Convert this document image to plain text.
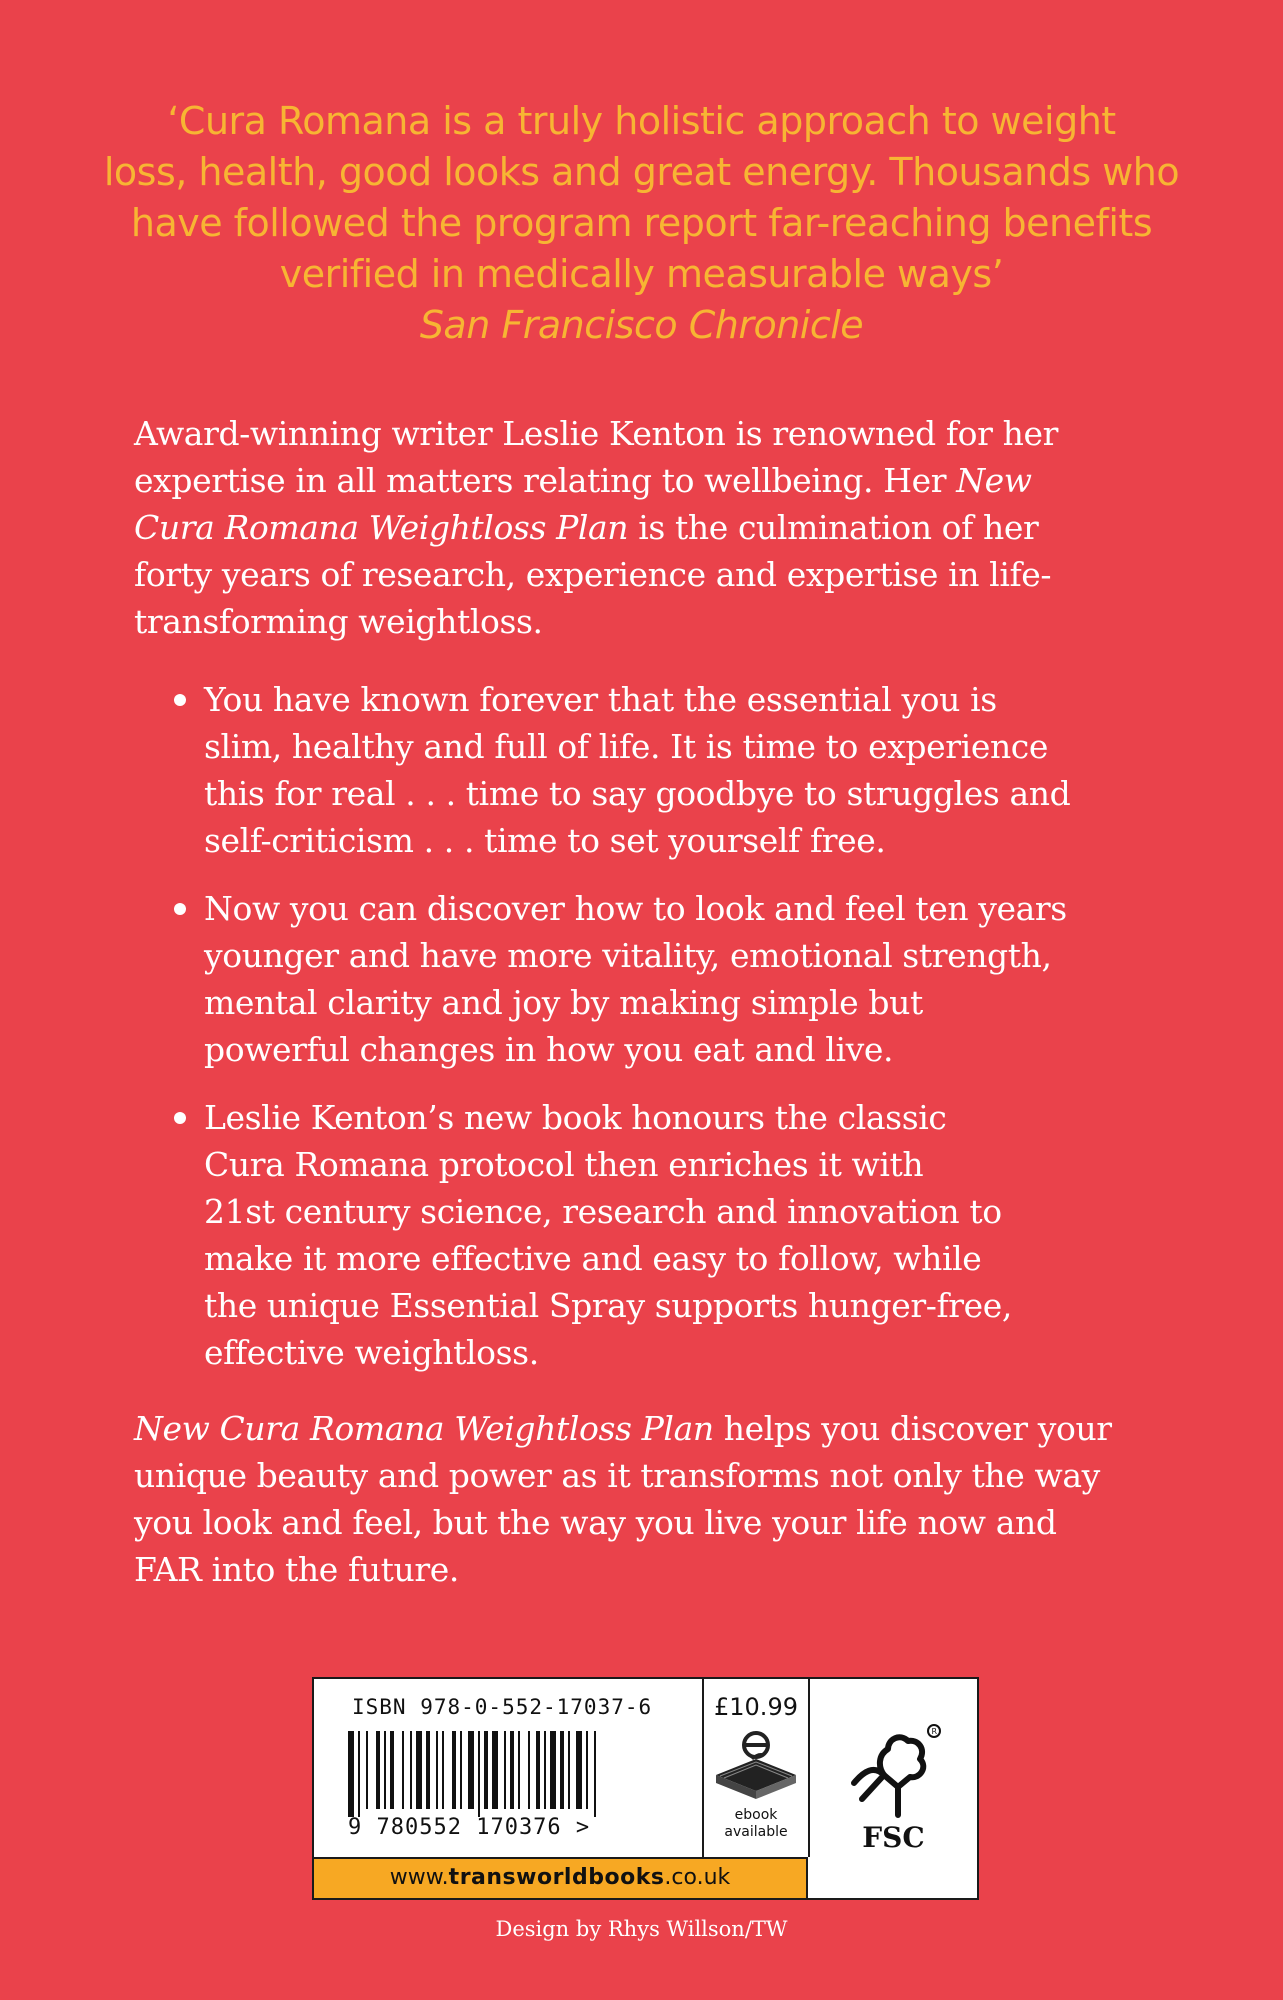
‘Cura Romana is a truly holistic approach to weight
loss, health, good looks and great energy. Thousands who
have followed the program report far-reaching benefits
verified in medically measurable ways’
San Francisco Chronicle
Award-winning writer Leslie Kenton is renowned for her
expertise in all matters relating to wellbeing. Her New
Cura Romana Weightloss Plan is the culmination of her
forty years of research, experience and expertise in life-
transforming weightloss.
You have known forever that the essential you is
slim, healthy and full of life. It is time to experience
this for real . . . time to say goodbye to struggles and
self-criticism . . . time to set yourself free.
Now you can discover how to look and feel ten years
younger and have more vitality, emotional strength,
mental clarity and joy by making simple but
powerful changes in how you eat and live.
Leslie Kenton’s new book honours the classic
Cura Romana protocol then enriches it with
21st century science, research and innovation to
make it more effective and easy to follow, while
the unique Essential Spray supports hunger-free,
effective weightloss.
New Cura Romana Weightloss Plan helps you discover your
unique beauty and power as it transforms not only the way
you look and feel, but the way you live your life now and
FAR into the future.
ISBN 978-0-552-17037-6
9 780552 170376 >
£10.99
ebook
available
R
FSC
www.transworldbooks.co.uk
Design by Rhys Willson/TW
